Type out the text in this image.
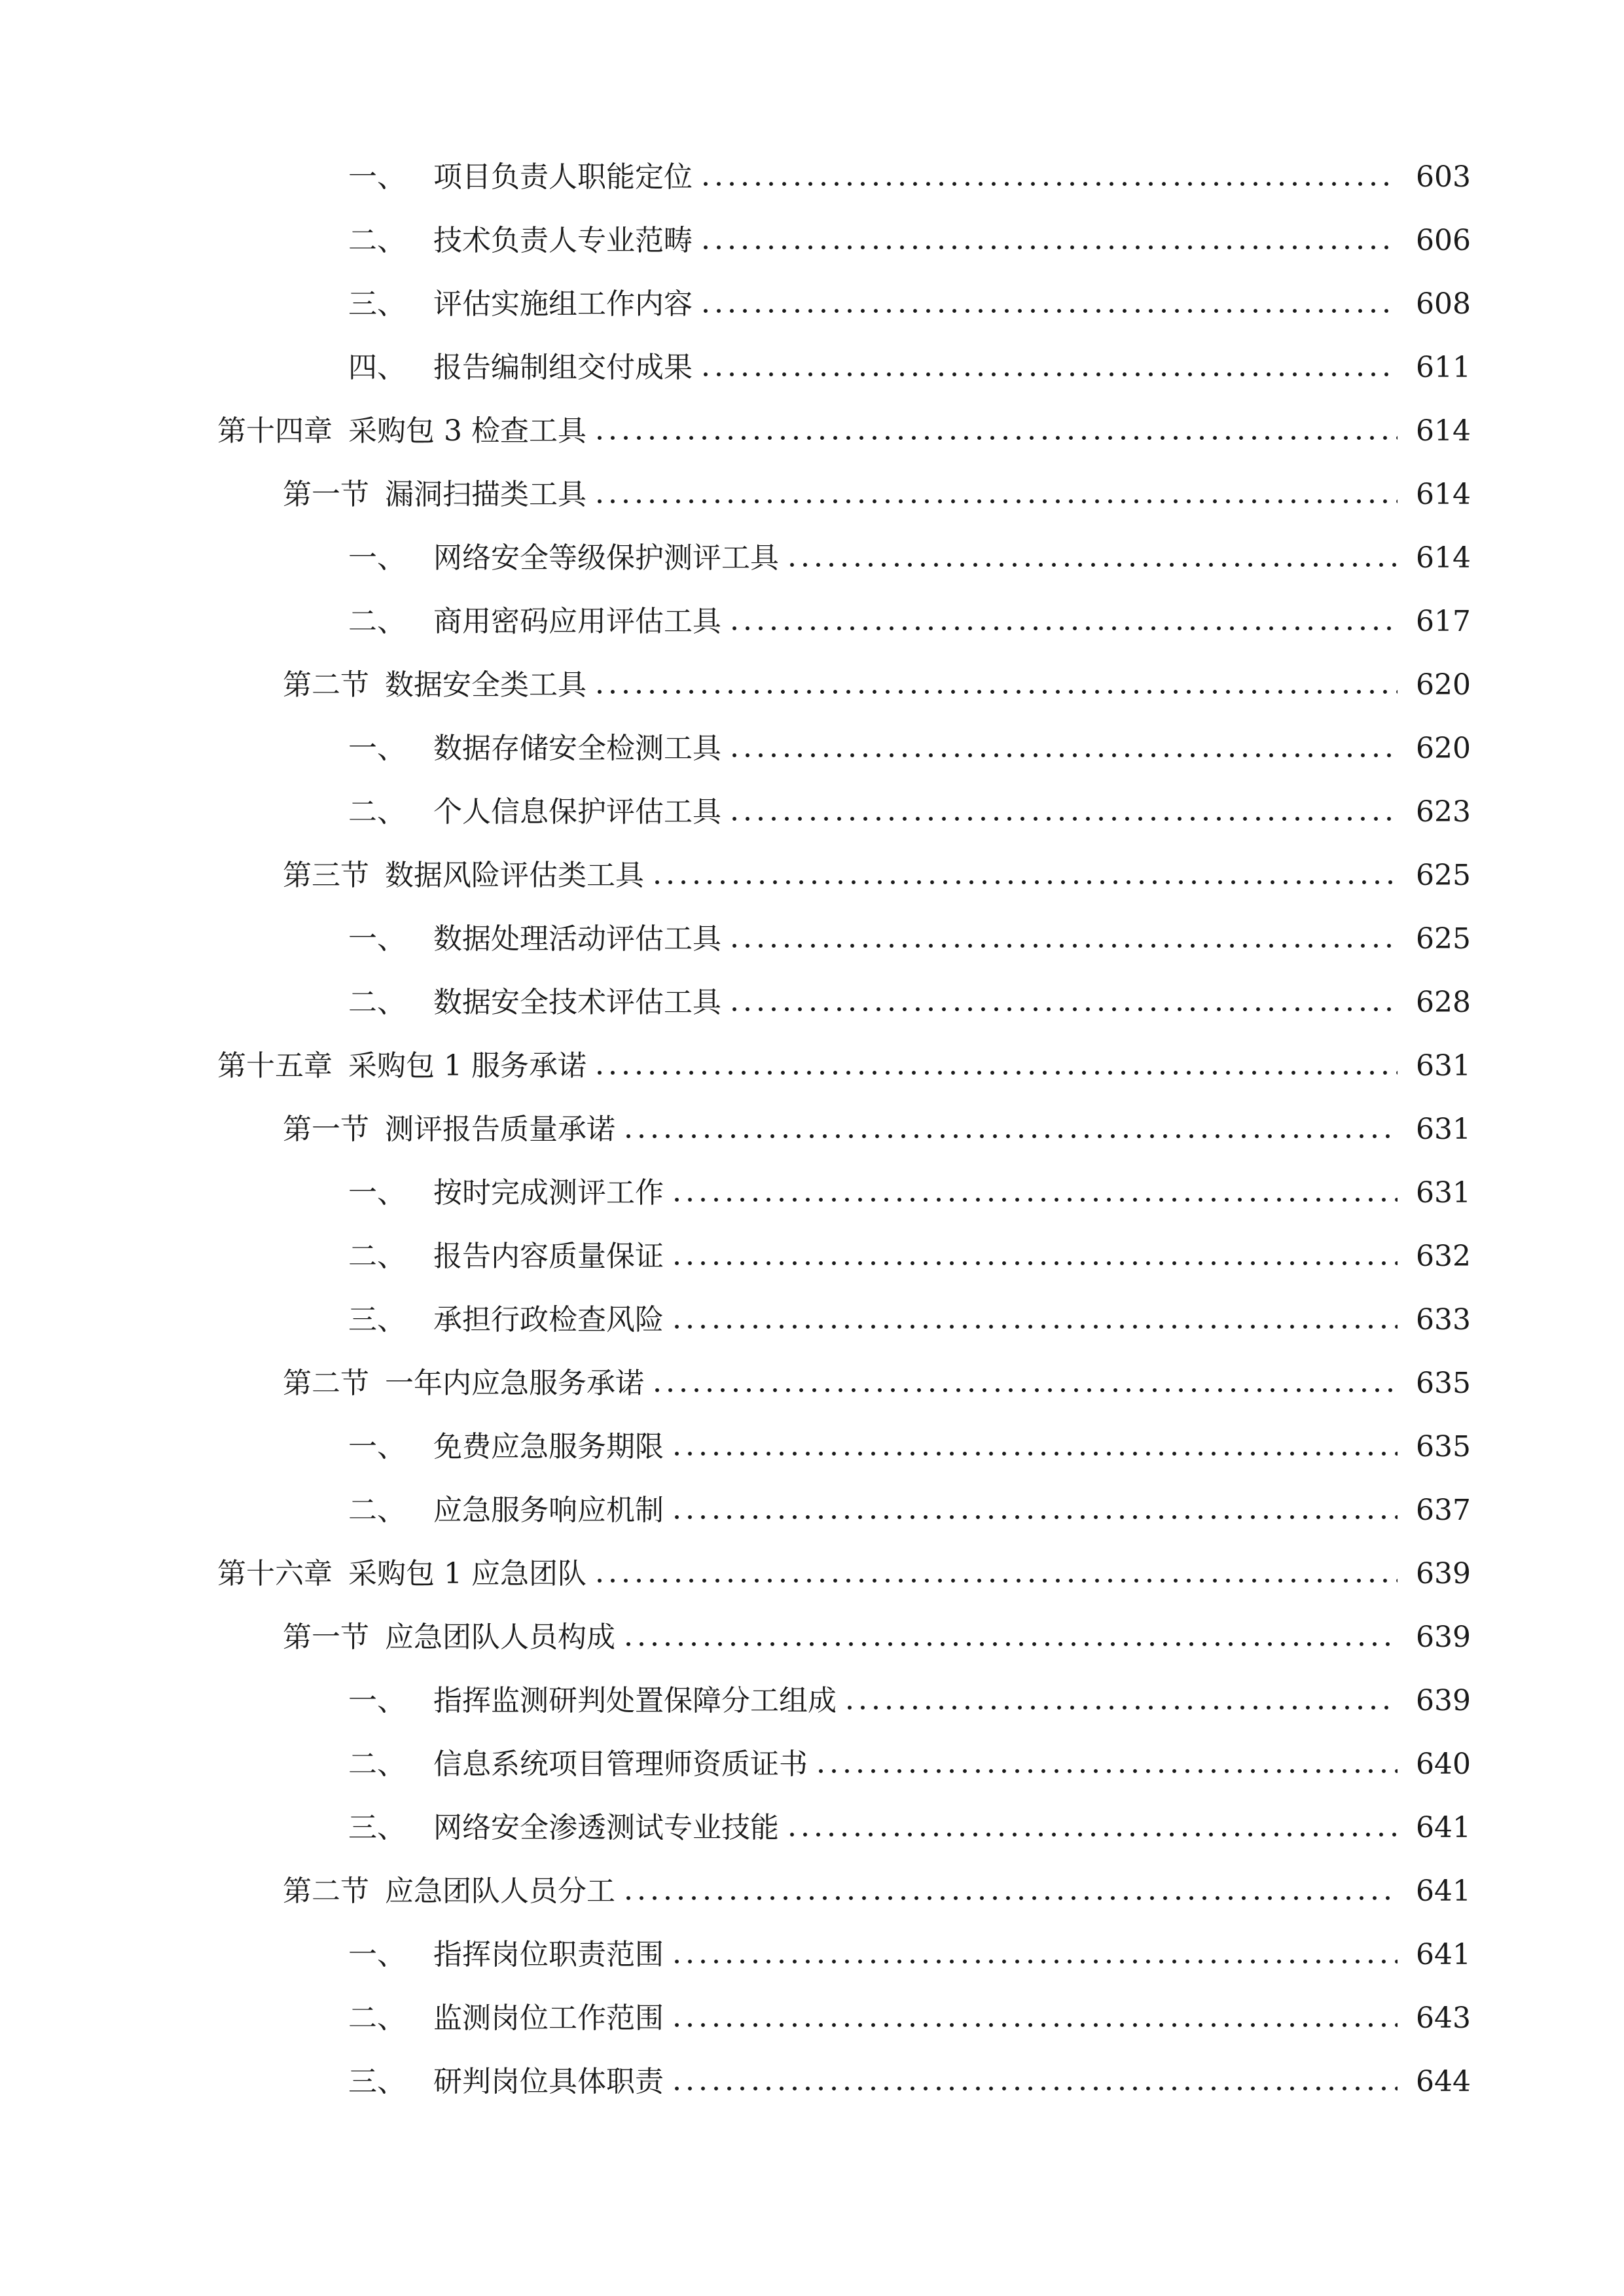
一、 项目负责人职能定位	603
二、 技术负责人专业范畴	606
三、 评估实施组工作内容	608
四、 报告编制组交付成果	611
第十四章 采购包 3 检查工具	614
第一节 漏洞扫描类工具	614
一、 网络安全等级保护测评工具	614
二、 商用密码应用评估工具	617
第二节 数据安全类工具	620
一、 数据存储安全检测工具	620
二、 个人信息保护评估工具	623
第三节 数据风险评估类工具	625
一、 数据处理活动评估工具	625
二、 数据安全技术评估工具	628
第十五章 采购包 1 服务承诺	631
第一节 测评报告质量承诺	631
一、 按时完成测评工作	631
二、 报告内容质量保证	632
三、 承担行政检查风险	633
第二节 一年内应急服务承诺	635
一、 免费应急服务期限	635
二、 应急服务响应机制	637
第十六章 采购包 1 应急团队	639
第一节 应急团队人员构成	639
一、 指挥监测研判处置保障分工组成	639
二、 信息系统项目管理师资质证书	640
三、 网络安全渗透测试专业技能	641
第二节 应急团队人员分工	641
一、 指挥岗位职责范围	641
二、 监测岗位工作范围	643
三、 研判岗位具体职责	644
